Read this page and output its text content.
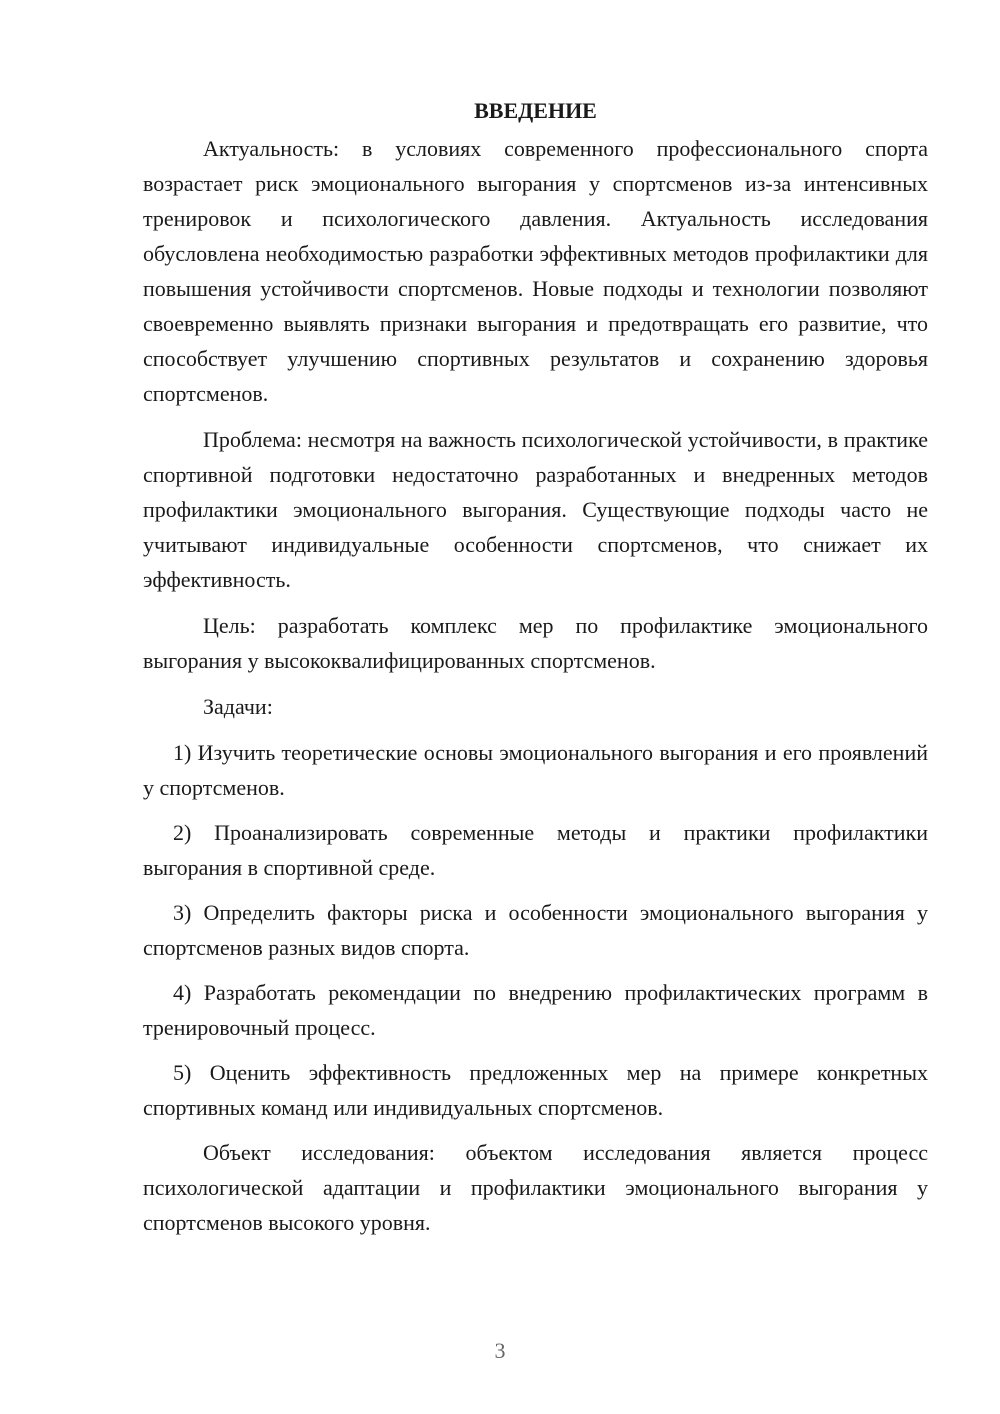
ВВЕДЕНИЕ

Актуальность: в условиях современного профессионального спорта возрастает риск эмоционального выгорания у спортсменов из-за интенсивных тренировок и психологического давления. Актуальность исследования обусловлена необходимостью разработки эффективных методов профилактики для повышения устойчивости спортсменов. Новые подходы и технологии позволяют своевременно выявлять признаки выгорания и предотвращать его развитие, что способствует улучшению спортивных результатов и сохранению здоровья спортсменов.

Проблема: несмотря на важность психологической устойчивости, в практике спортивной подготовки недостаточно разработанных и внедренных методов профилактики эмоционального выгорания. Существующие подходы часто не учитывают индивидуальные особенности спортсменов, что снижает их эффективность.

Цель: разработать комплекс мер по профилактике эмоционального выгорания у высококвалифицированных спортсменов.

Задачи:

1) Изучить теоретические основы эмоционального выгорания и его проявлений у спортсменов.

2) Проанализировать современные методы и практики профилактики выгорания в спортивной среде.

3) Определить факторы риска и особенности эмоционального выгорания у спортсменов разных видов спорта.

4) Разработать рекомендации по внедрению профилактических программ в тренировочный процесс.

5) Оценить эффективность предложенных мер на примере конкретных спортивных команд или индивидуальных спортсменов.

Объект исследования: объектом исследования является процесс психологической адаптации и профилактики эмоционального выгорания у спортсменов высокого уровня.

3
